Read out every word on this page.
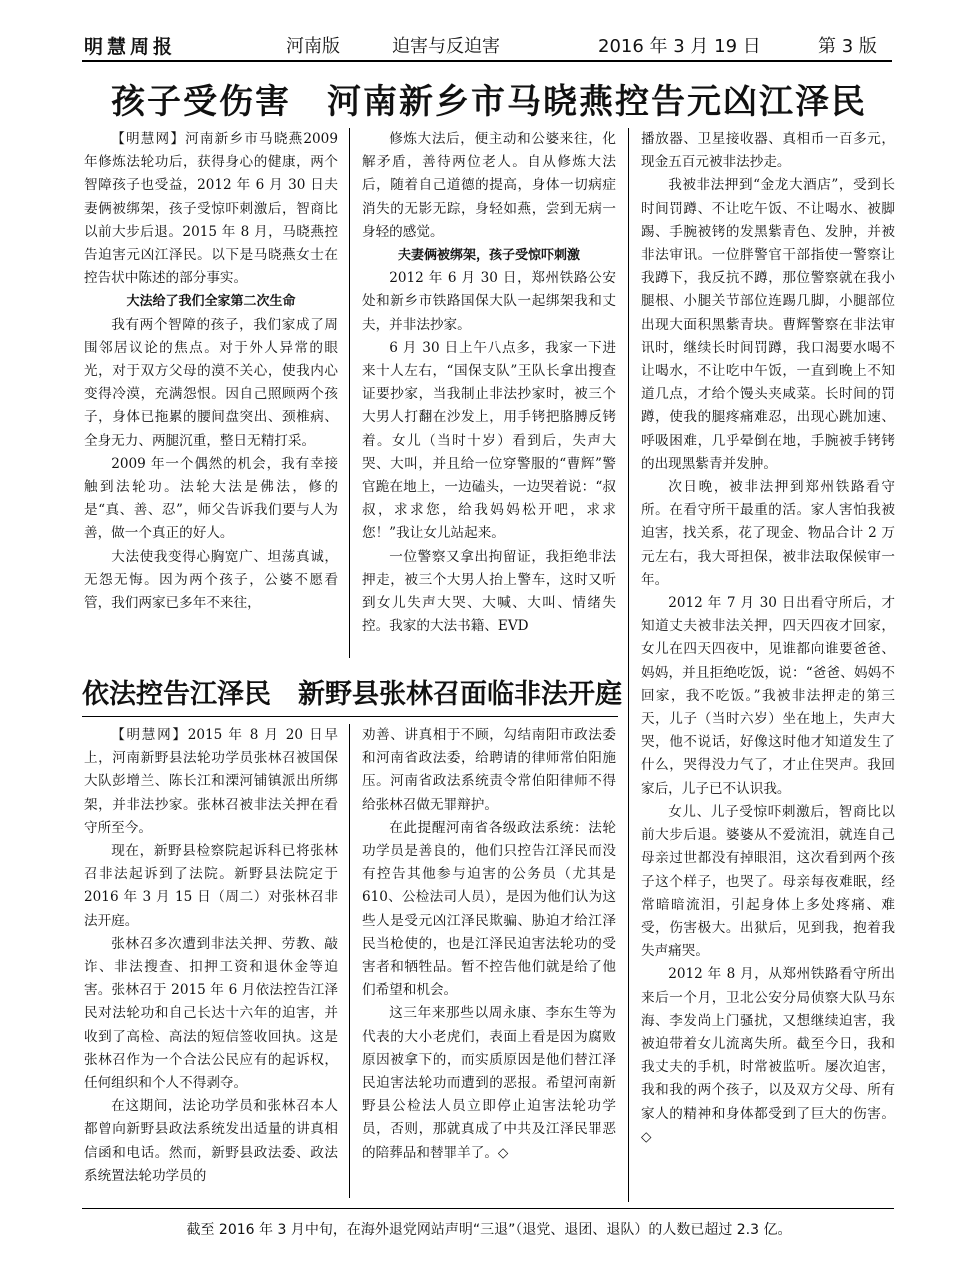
明慧周报	河南版	迫害与反迫害	2016 年 3 月 19 日	第 3 版
孩子受伤害　河南新乡市马晓燕控告元凶江泽民

【明慧网】河南新乡市马晓燕2009 年修炼法轮功后，获得身心的健康，两个智障孩子也受益，2012 年 6 月 30 日夫妻俩被绑架，孩子受惊吓刺激后，智商比以前大步后退。2015 年 8 月，马晓燕控告迫害元凶江泽民。以下是马晓燕女士在控告状中陈述的部分事实。

大法给了我们全家第二次生命

我有两个智障的孩子，我们家成了周围邻居议论的焦点。对于外人异常的眼光，对于双方父母的漠不关心，使我内心变得冷漠，充满怨恨。因自己照顾两个孩子，身体已拖累的腰间盘突出、颈椎病、全身无力、两腿沉重，整日无精打采。

2009 年一个偶然的机会，我有幸接触到法轮功。法轮大法是佛法，修的是“真、善、忍”，师父告诉我们要与人为善，做一个真正的好人。

大法使我变得心胸宽广、坦荡真诚，无怨无悔。因为两个孩子，公婆不愿看管，我们两家已多年不来往，

修炼大法后，便主动和公婆来往，化解矛盾，善待两位老人。自从修炼大法后，随着自己道德的提高，身体一切病症消失的无影无踪，身轻如燕，尝到无病一身轻的感觉。

夫妻俩被绑架，孩子受惊吓刺激

2012 年 6 月 30 日，郑州铁路公安处和新乡市铁路国保大队一起绑架我和丈夫，并非法抄家。

6 月 30 日上午八点多，我家一下进来十人左右，“国保支队”王队长拿出搜查证要抄家，当我制止非法抄家时，被三个大男人打翻在沙发上，用手铐把胳膊反铐着。女儿（当时十岁）看到后，失声大哭、大叫，并且给一位穿警服的“曹辉”警官跪在地上，一边磕头，一边哭着说：“叔叔，求求您，给我妈妈松开吧，求求您！”我让女儿站起来。

一位警察又拿出拘留证，我拒绝非法押走，被三个大男人抬上警车，这时又听到女儿失声大哭、大喊、大叫、情绪失控。我家的大法书籍、EVD

播放器、卫星接收器、真相币一百多元，现金五百元被非法抄走。

我被非法押到“金龙大酒店”，受到长时间罚蹲、不让吃午饭、不让喝水、被脚踢、手腕被铐的发黑紫青色、发肿，并被非法审讯。一位胖警官干部指使一警察让我蹲下，我反抗不蹲，那位警察就在我小腿根、小腿关节部位连踢几脚，小腿部位出现大面积黑紫青块。曹辉警察在非法审讯时，继续长时间罚蹲，我口渴要水喝不让喝水，不让吃中午饭，一直到晚上不知道几点，才给个馒头夹咸菜。长时间的罚蹲，使我的腿疼痛难忍，出现心跳加速、呼吸困难，几乎晕倒在地，手腕被手铐铐的出现黑紫青并发肿。

次日晚，被非法押到郑州铁路看守所。在看守所干最重的活。家人害怕我被迫害，找关系，花了现金、物品合计 2 万元左右，我大哥担保，被非法取保候审一年。

2012 年 7 月 30 日出看守所后，才知道丈夫被非法关押，四天四夜才回家，女儿在四天四夜中，见谁都向谁要爸爸、妈妈，并且拒绝吃饭，说：“爸爸、妈妈不回家，我不吃饭。”我被非法押走的第三天，儿子（当时六岁）坐在地上，失声大哭，他不说话，好像这时他才知道发生了什么，哭得没力气了，才止住哭声。我回家后，儿子已不认识我。

女儿、儿子受惊吓刺激后，智商比以前大步后退。婆婆从不爱流泪，就连自己母亲过世都没有掉眼泪，这次看到两个孩子这个样子，也哭了。母亲每夜难眠，经常暗暗流泪，引起身体上多处疼痛、难受，伤害极大。出狱后，见到我，抱着我失声痛哭。

2012 年 8 月，从郑州铁路看守所出来后一个月，卫北公安分局侦察大队马东海、李发尚上门骚扰，又想继续迫害，我被迫带着女儿流离失所。截至今日，我和我丈夫的手机，时常被监听。屡次迫害，我和我的两个孩子，以及双方父母、所有家人的精神和身体都受到了巨大的伤害。◇

依法控告江泽民　新野县张林召面临非法开庭

【明慧网】2015 年 8 月 20 日早上，河南新野县法轮功学员张林召被国保大队彭增兰、陈长江和溧河铺镇派出所绑架，并非法抄家。张林召被非法关押在看守所至今。

现在，新野县检察院起诉科已将张林召非法起诉到了法院。新野县法院定于 2016 年 3 月 15 日（周二）对张林召非法开庭。

张林召多次遭到非法关押、劳教、敲诈、非法搜查、扣押工资和退休金等迫害。张林召于 2015 年 6 月依法控告江泽民对法轮功和自己长达十六年的迫害，并收到了高检、高法的短信签收回执。这是张林召作为一个合法公民应有的起诉权，任何组织和个人不得剥夺。

在这期间，法论功学员和张林召本人都曾向新野县政法系统发出适量的讲真相信函和电话。然而，新野县政法委、政法系统置法轮功学员的

劝善、讲真相于不顾，勾结南阳市政法委和河南省政法委，给聘请的律师常伯阳施压。河南省政法系统责令常伯阳律师不得给张林召做无罪辩护。

在此提醒河南省各级政法系统：法轮功学员是善良的，他们只控告江泽民而没有控告其他参与迫害的公务员（尤其是 610、公检法司人员），是因为他们认为这些人是受元凶江泽民欺骗、胁迫才给江泽民当枪使的，也是江泽民迫害法轮功的受害者和牺牲品。暂不控告他们就是给了他们希望和机会。

这三年来那些以周永康、李东生等为代表的大小老虎们，表面上看是因为腐败原因被拿下的，而实质原因是他们替江泽民迫害法轮功而遭到的恶报。希望河南新野县公检法人员立即停止迫害法轮功学员，否则，那就真成了中共及江泽民罪恶的陪葬品和替罪羊了。◇

截至 2016 年 3 月中旬，在海外退党网站声明“三退”（退党、退团、退队）的人数已超过 2.3 亿。
